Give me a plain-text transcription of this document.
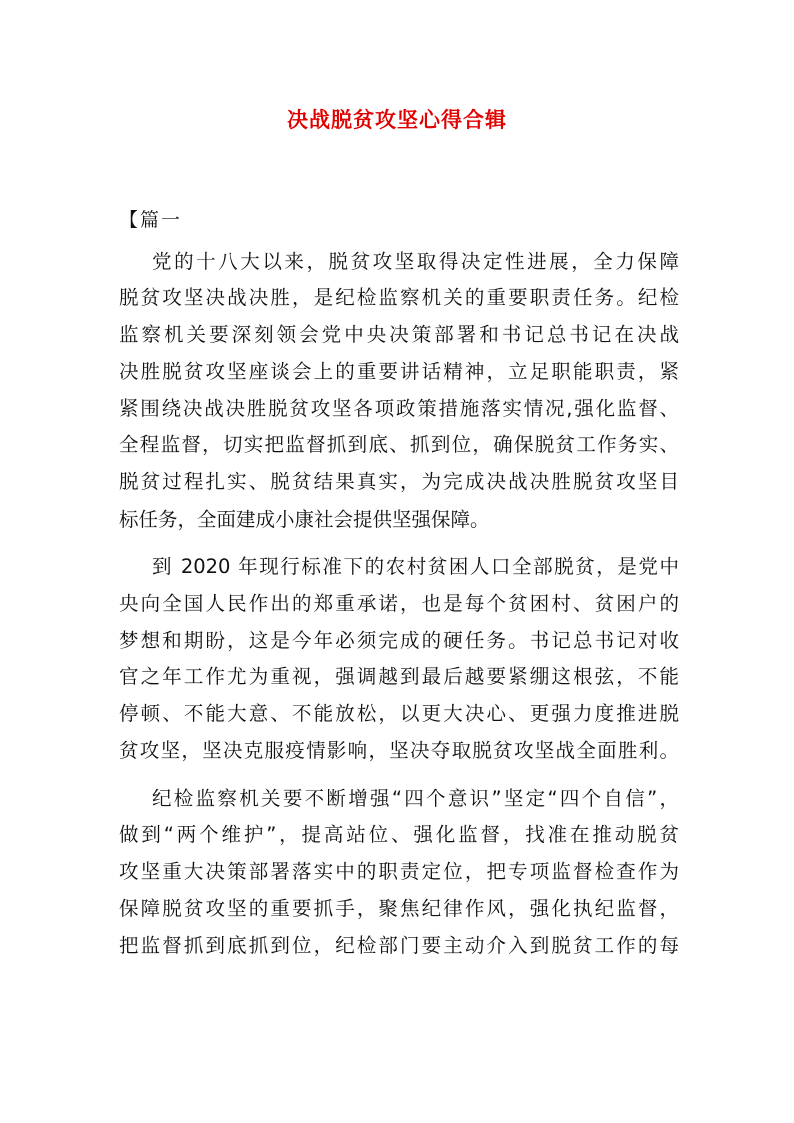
决战脱贫攻坚心得合辑
【篇一
党的十八大以来，脱贫攻坚取得决定性进展，全力保障
脱贫攻坚决战决胜，是纪检监察机关的重要职责任务。纪检
监察机关要深刻领会党中央决策部署和书记总书记在决战
决胜脱贫攻坚座谈会上的重要讲话精神，立足职能职责，紧
紧围绕决战决胜脱贫攻坚各项政策措施落实情况,强化监督、
全程监督，切实把监督抓到底、抓到位，确保脱贫工作务实、
脱贫过程扎实、脱贫结果真实，为完成决战决胜脱贫攻坚目
标任务，全面建成小康社会提供坚强保障。
到 2020 年现行标准下的农村贫困人口全部脱贫，是党中
央向全国人民作出的郑重承诺，也是每个贫困村、贫困户的
梦想和期盼，这是今年必须完成的硬任务。书记总书记对收
官之年工作尤为重视，强调越到最后越要紧绷这根弦，不能
停顿、不能大意、不能放松，以更大决心、更强力度推进脱
贫攻坚，坚决克服疫情影响，坚决夺取脱贫攻坚战全面胜利。
纪检监察机关要不断增强“四个意识”坚定“四个自信”，
做到“两个维护”，提高站位、强化监督，找准在推动脱贫
攻坚重大决策部署落实中的职责定位，把专项监督检查作为
保障脱贫攻坚的重要抓手，聚焦纪律作风，强化执纪监督，
把监督抓到底抓到位，纪检部门要主动介入到脱贫工作的每
